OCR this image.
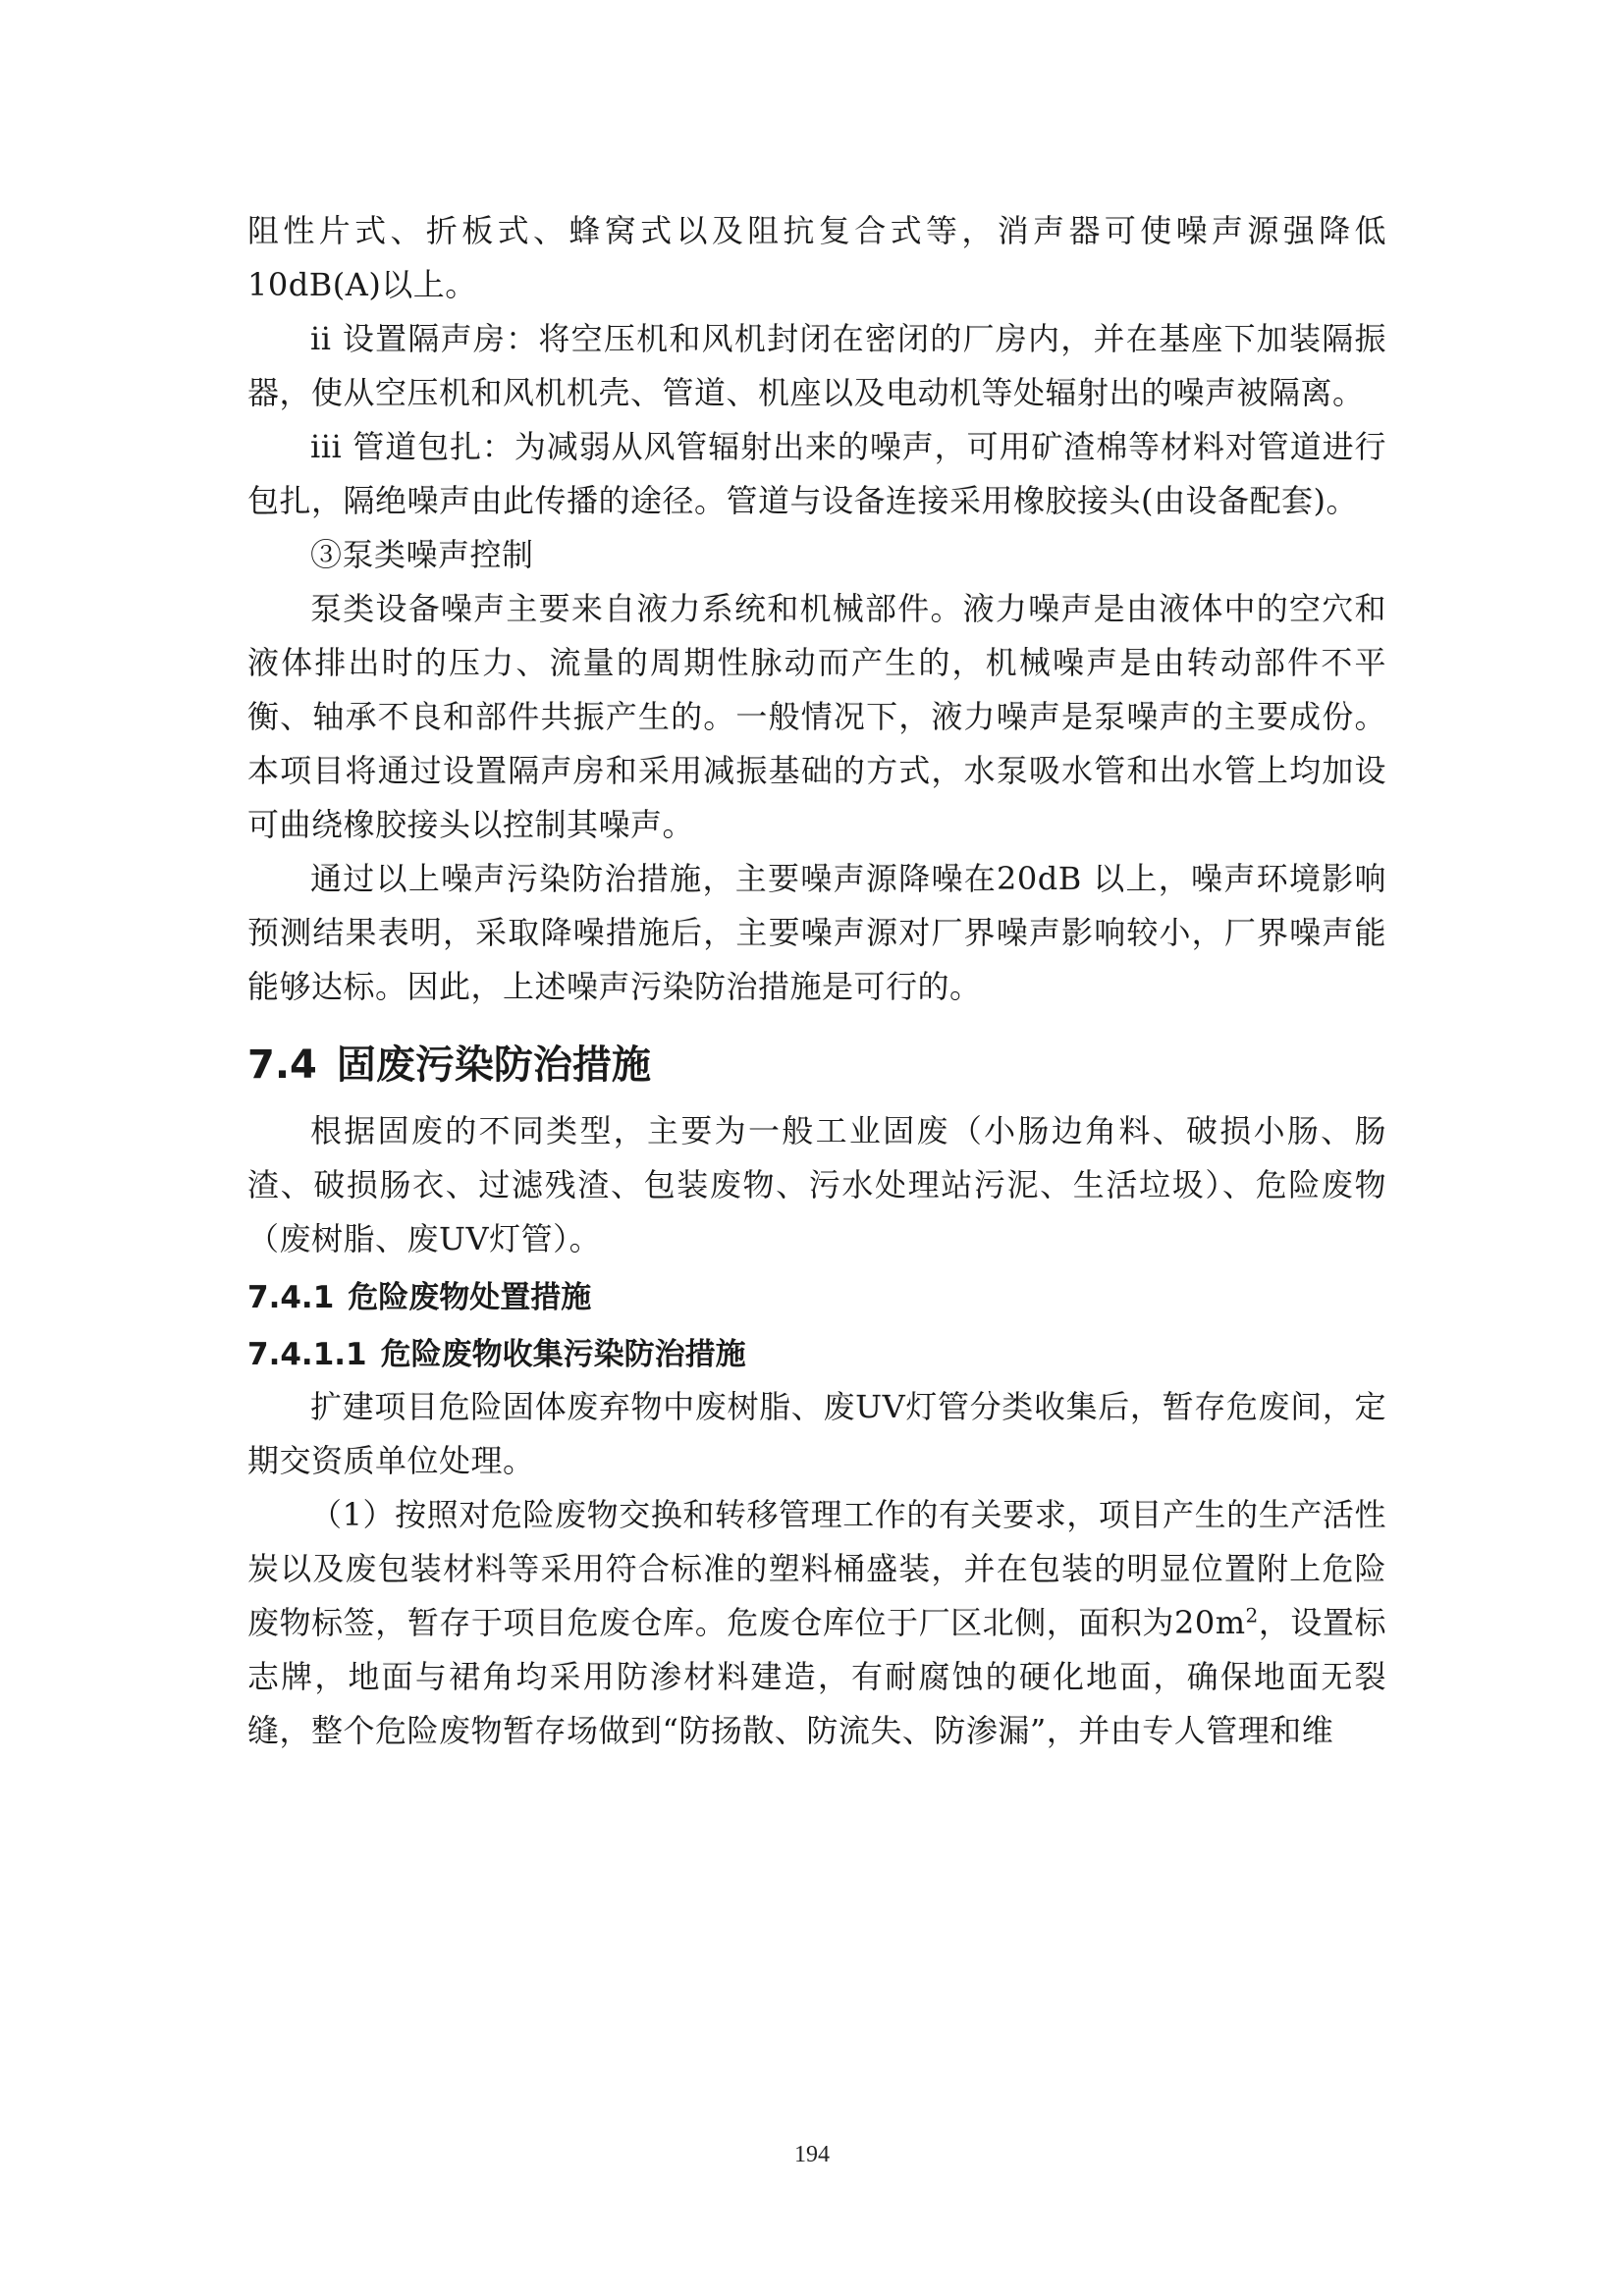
阻性片式、折板式、蜂窝式以及阻抗复合式等，消声器可使噪声源强降低 10dB(A)以上。

ii 设置隔声房：将空压机和风机封闭在密闭的厂房内，并在基座下加装隔振器，使从空压机和风机机壳、管道、机座以及电动机等处辐射出的噪声被隔离。

iii 管道包扎：为减弱从风管辐射出来的噪声，可用矿渣棉等材料对管道进行包扎，隔绝噪声由此传播的途径。管道与设备连接采用橡胶接头(由设备配套)。

③泵类噪声控制

泵类设备噪声主要来自液力系统和机械部件。液力噪声是由液体中的空穴和液体排出时的压力、流量的周期性脉动而产生的，机械噪声是由转动部件不平衡、轴承不良和部件共振产生的。一般情况下，液力噪声是泵噪声的主要成份。本项目将通过设置隔声房和采用减振基础的方式，水泵吸水管和出水管上均加设可曲绕橡胶接头以控制其噪声。

通过以上噪声污染防治措施，主要噪声源降噪在20dB 以上，噪声环境影响预测结果表明，采取降噪措施后，主要噪声源对厂界噪声影响较小，厂界噪声能能够达标。因此，上述噪声污染防治措施是可行的。

7.4 固废污染防治措施

根据固废的不同类型，主要为一般工业固废（小肠边角料、破损小肠、肠渣、破损肠衣、过滤残渣、包装废物、污水处理站污泥、生活垃圾）、危险废物（废树脂、废UV灯管）。

7.4.1 危险废物处置措施
7.4.1.1 危险废物收集污染防治措施

扩建项目危险固体废弃物中废树脂、废UV灯管分类收集后，暂存危废间，定期交资质单位处理。

（1）按照对危险废物交换和转移管理工作的有关要求，项目产生的生产活性炭以及废包装材料等采用符合标准的塑料桶盛装，并在包装的明显位置附上危险废物标签，暂存于项目危废仓库。危废仓库位于厂区北侧，面积为$20m^2$，设置标志牌，地面与裙角均采用防渗材料建造，有耐腐蚀的硬化地面，确保地面无裂缝，整个危险废物暂存场做到“防扬散、防流失、防渗漏”，并由专人管理和维

194
